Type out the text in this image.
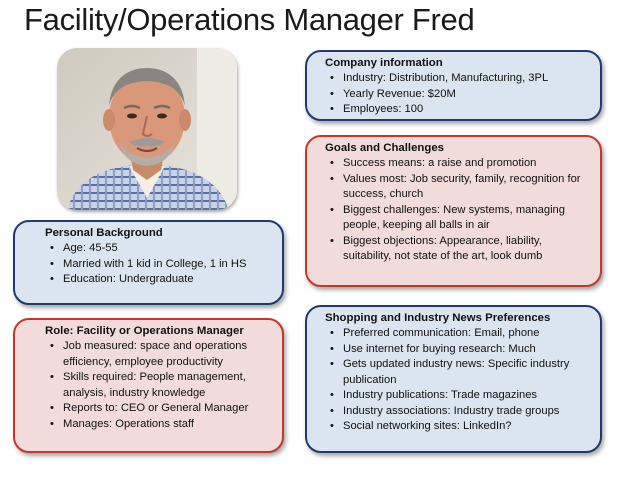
Facility/Operations Manager Fred
Company information
• Industry: Distribution, Manufacturing, 3PL
• Yearly Revenue: $20M
• Employees: 100
Goals and Challenges
• Success means: a raise and promotion
• Values most: Job security, family, recognition for success, church
• Biggest challenges: New systems, managing people, keeping all balls in air
• Biggest objections: Appearance, liability, suitability, not state of the art, look dumb
Personal Background
• Age: 45-55
• Married with 1 kid in College, 1 in HS
• Education: Undergraduate
Role: Facility or Operations Manager
• Job measured: space and operations efficiency, employee productivity
• Skills required: People management, analysis, industry knowledge
• Reports to: CEO or General Manager
• Manages: Operations staff
Shopping and Industry News Preferences
• Preferred communication: Email, phone
• Use internet for buying research: Much
• Gets updated industry news: Specific industry publication
• Industry publications: Trade magazines
• Industry associations: Industry trade groups
• Social networking sites: LinkedIn?
